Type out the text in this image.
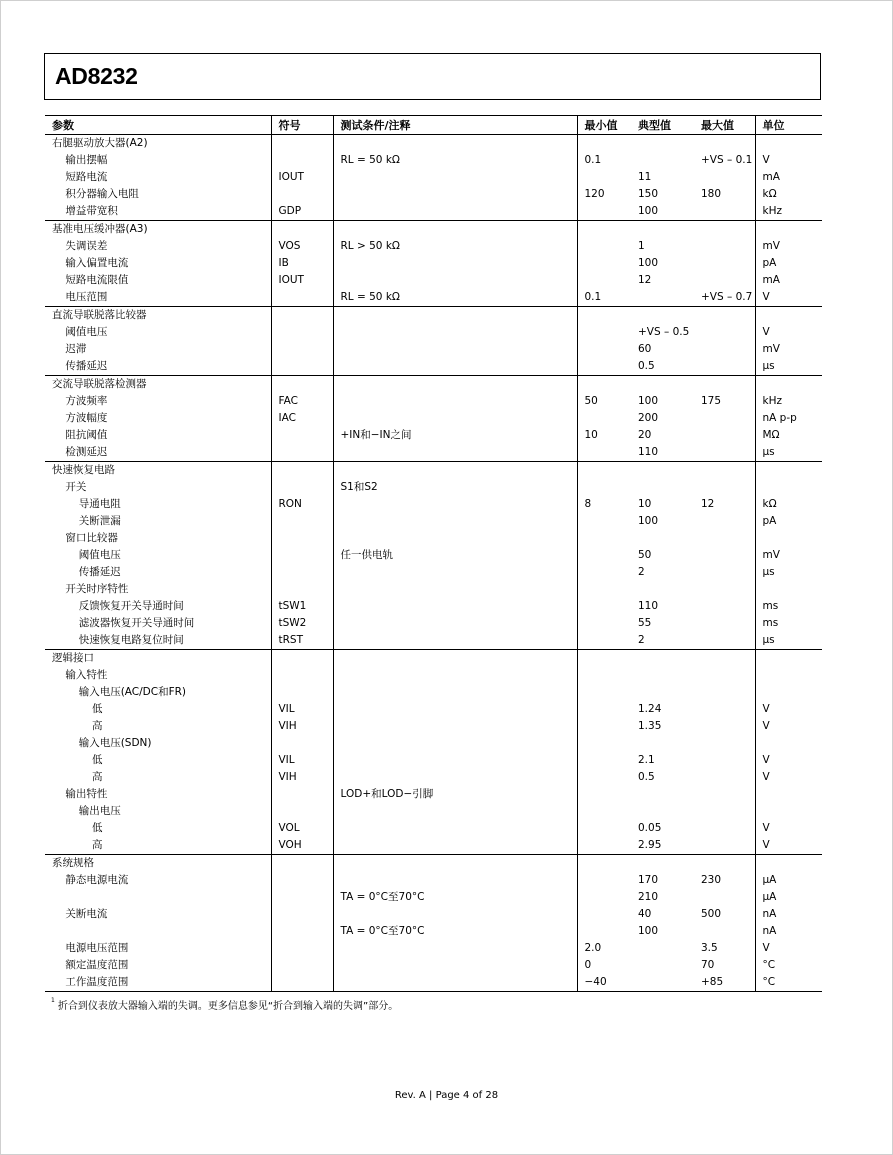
AD8232
参数	符号	测试条件/注释	最小值	典型值	最大值	单位
右腿驱动放大器(A2)						
输出摆幅		RL = 50 kΩ	0.1		+VS – 0.1	V
短路电流	IOUT			11		mA
积分器输入电阻			120	150	180	kΩ
增益带宽积	GDP			100		kHz
基准电压缓冲器(A3)						
失调误差	VOS	RL > 50 kΩ		1		mV
输入偏置电流	IB			100		pA
短路电流限值	IOUT			12		mA
电压范围		RL = 50 kΩ	0.1		+VS – 0.7	V
直流导联脱落比较器						
阈值电压				+VS – 0.5		V
迟滞				60		mV
传播延迟				0.5		µs
交流导联脱落检测器						
方波频率	FAC		50	100	175	kHz
方波幅度	IAC			200		nA p-p
阻抗阈值		+IN和−IN之间	10	20		MΩ
检测延迟				110		µs
快速恢复电路						
开关		S1和S2				
导通电阻	RON		8	10	12	kΩ
关断泄漏				100		pA
窗口比较器						
阈值电压		任一供电轨		50		mV
传播延迟				2		µs
开关时序特性						
反馈恢复开关导通时间	tSW1			110		ms
滤波器恢复开关导通时间	tSW2			55		ms
快速恢复电路复位时间	tRST			2		µs
逻辑接口						
输入特性						
输入电压(AC/DC和FR)						
低	VIL			1.24		V
高	VIH			1.35		V
输入电压(SDN)						
低	VIL			2.1		V
高	VIH			0.5		V
输出特性		LOD+和LOD−引脚				
输出电压						
低	VOL			0.05		V
高	VOH			2.95		V
系统规格						
静态电源电流				170	230	µA
		TA = 0°C至70°C		210		µA
关断电流				40	500	nA
		TA = 0°C至70°C		100		nA
电源电压范围			2.0		3.5	V
额定温度范围			0		70	°C
工作温度范围			−40		+85	°C
$^1$折合到仪表放大器输入端的失调。更多信息参见“折合到输入端的失调”部分。
Rev. A | Page 4 of 28
